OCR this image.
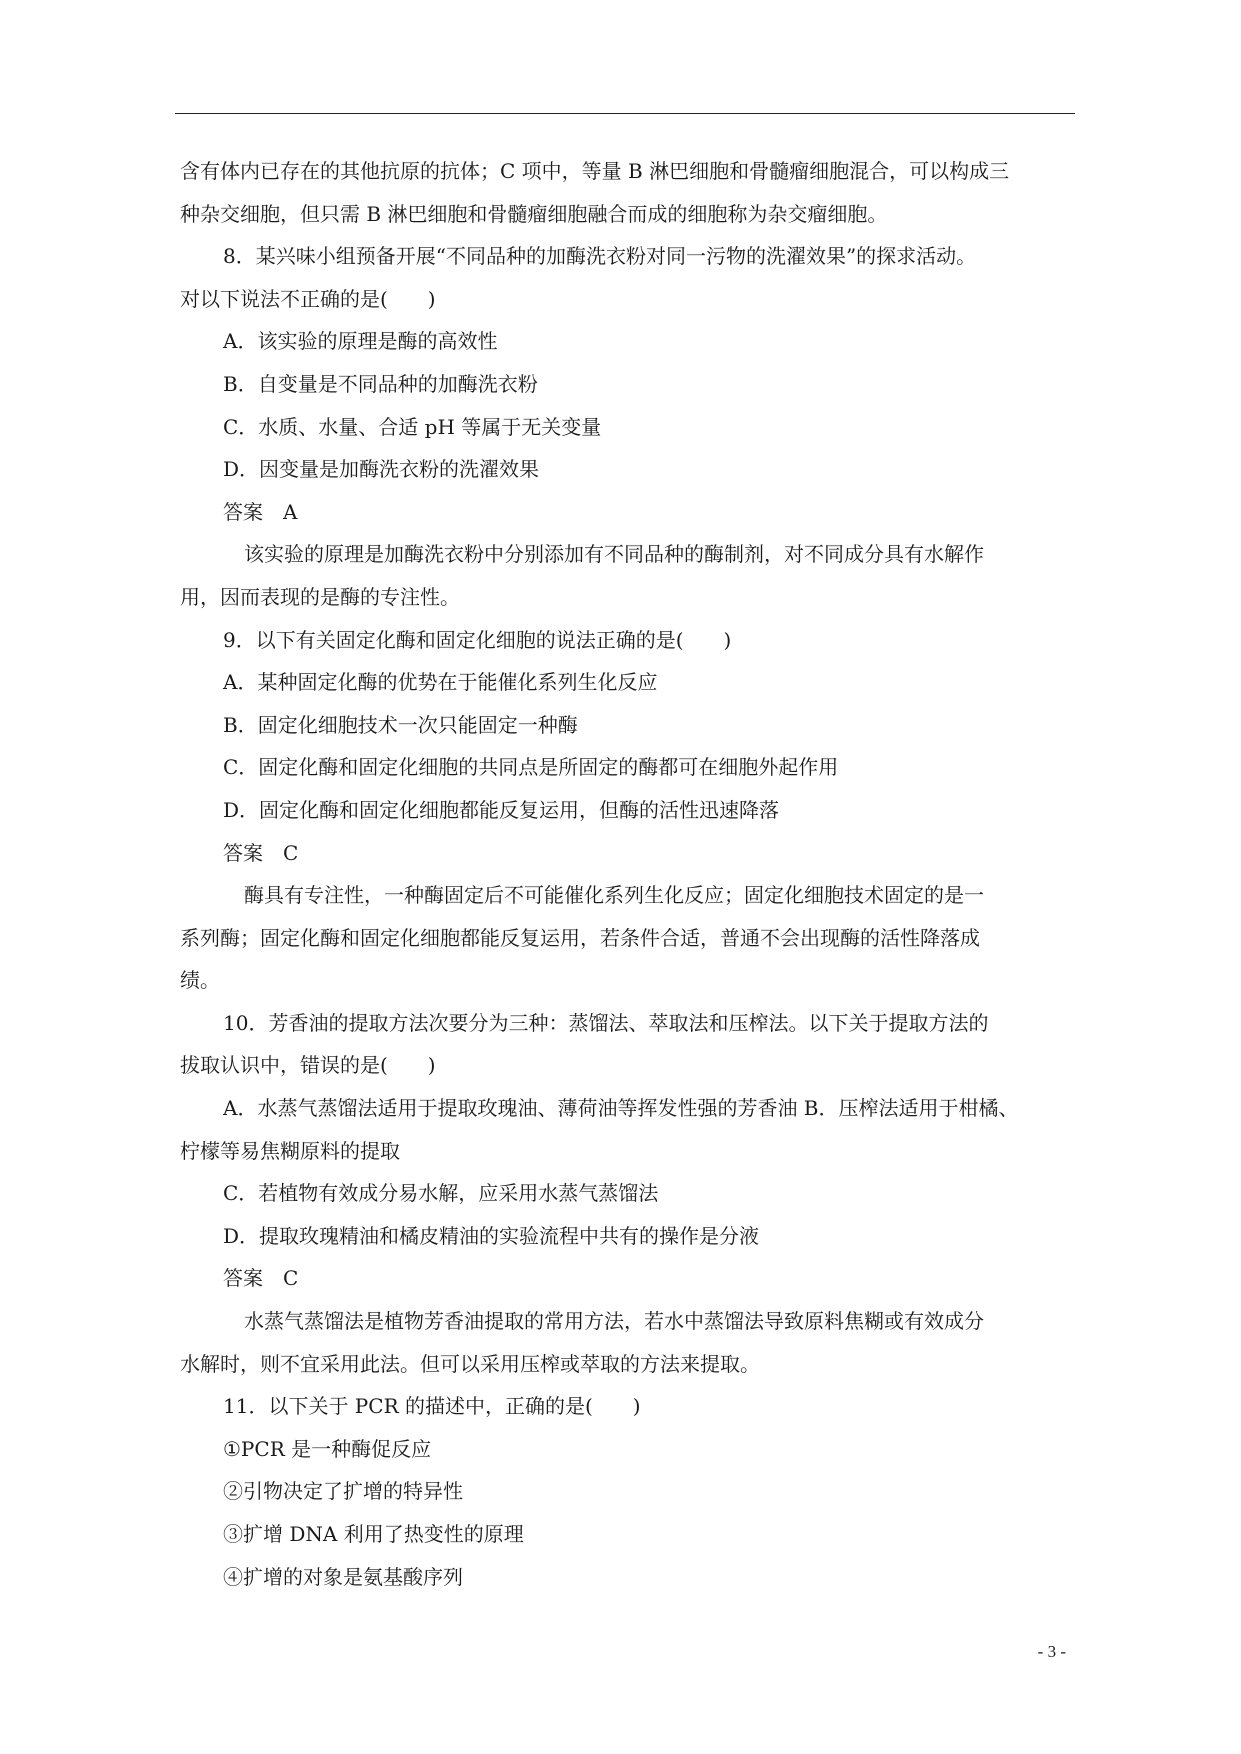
含有体内已存在的其他抗原的抗体；C 项中，等量 B 淋巴细胞和骨髓瘤细胞混合，可以构成三
种杂交细胞，但只需 B 淋巴细胞和骨髓瘤细胞融合而成的细胞称为杂交瘤细胞。
8．某兴味小组预备开展“不同品种的加酶洗衣粉对同一污物的洗濯效果”的探求活动。
对以下说法不正确的是(　　)
A．该实验的原理是酶的高效性
B．自变量是不同品种的加酶洗衣粉
C．水质、水量、合适 pH 等属于无关变量
D．因变量是加酶洗衣粉的洗濯效果
答案　A
该实验的原理是加酶洗衣粉中分别添加有不同品种的酶制剂，对不同成分具有水解作
用，因而表现的是酶的专注性。
9．以下有关固定化酶和固定化细胞的说法正确的是(　　)
A．某种固定化酶的优势在于能催化系列生化反应
B．固定化细胞技术一次只能固定一种酶
C．固定化酶和固定化细胞的共同点是所固定的酶都可在细胞外起作用
D．固定化酶和固定化细胞都能反复运用，但酶的活性迅速降落
答案　C
酶具有专注性，一种酶固定后不可能催化系列生化反应；固定化细胞技术固定的是一
系列酶；固定化酶和固定化细胞都能反复运用，若条件合适，普通不会出现酶的活性降落成
绩。
10．芳香油的提取方法次要分为三种：蒸馏法、萃取法和压榨法。以下关于提取方法的
拔取认识中，错误的是(　　)
A．水蒸气蒸馏法适用于提取玫瑰油、薄荷油等挥发性强的芳香油 B．压榨法适用于柑橘、
柠檬等易焦糊原料的提取
C．若植物有效成分易水解，应采用水蒸气蒸馏法
D．提取玫瑰精油和橘皮精油的实验流程中共有的操作是分液
答案　C
水蒸气蒸馏法是植物芳香油提取的常用方法，若水中蒸馏法导致原料焦糊或有效成分
水解时，则不宜采用此法。但可以采用压榨或萃取的方法来提取。
11．以下关于 PCR 的描述中，正确的是(　　)
①PCR 是一种酶促反应
②引物决定了扩增的特异性
③扩增 DNA 利用了热变性的原理
④扩增的对象是氨基酸序列
- 3 -
